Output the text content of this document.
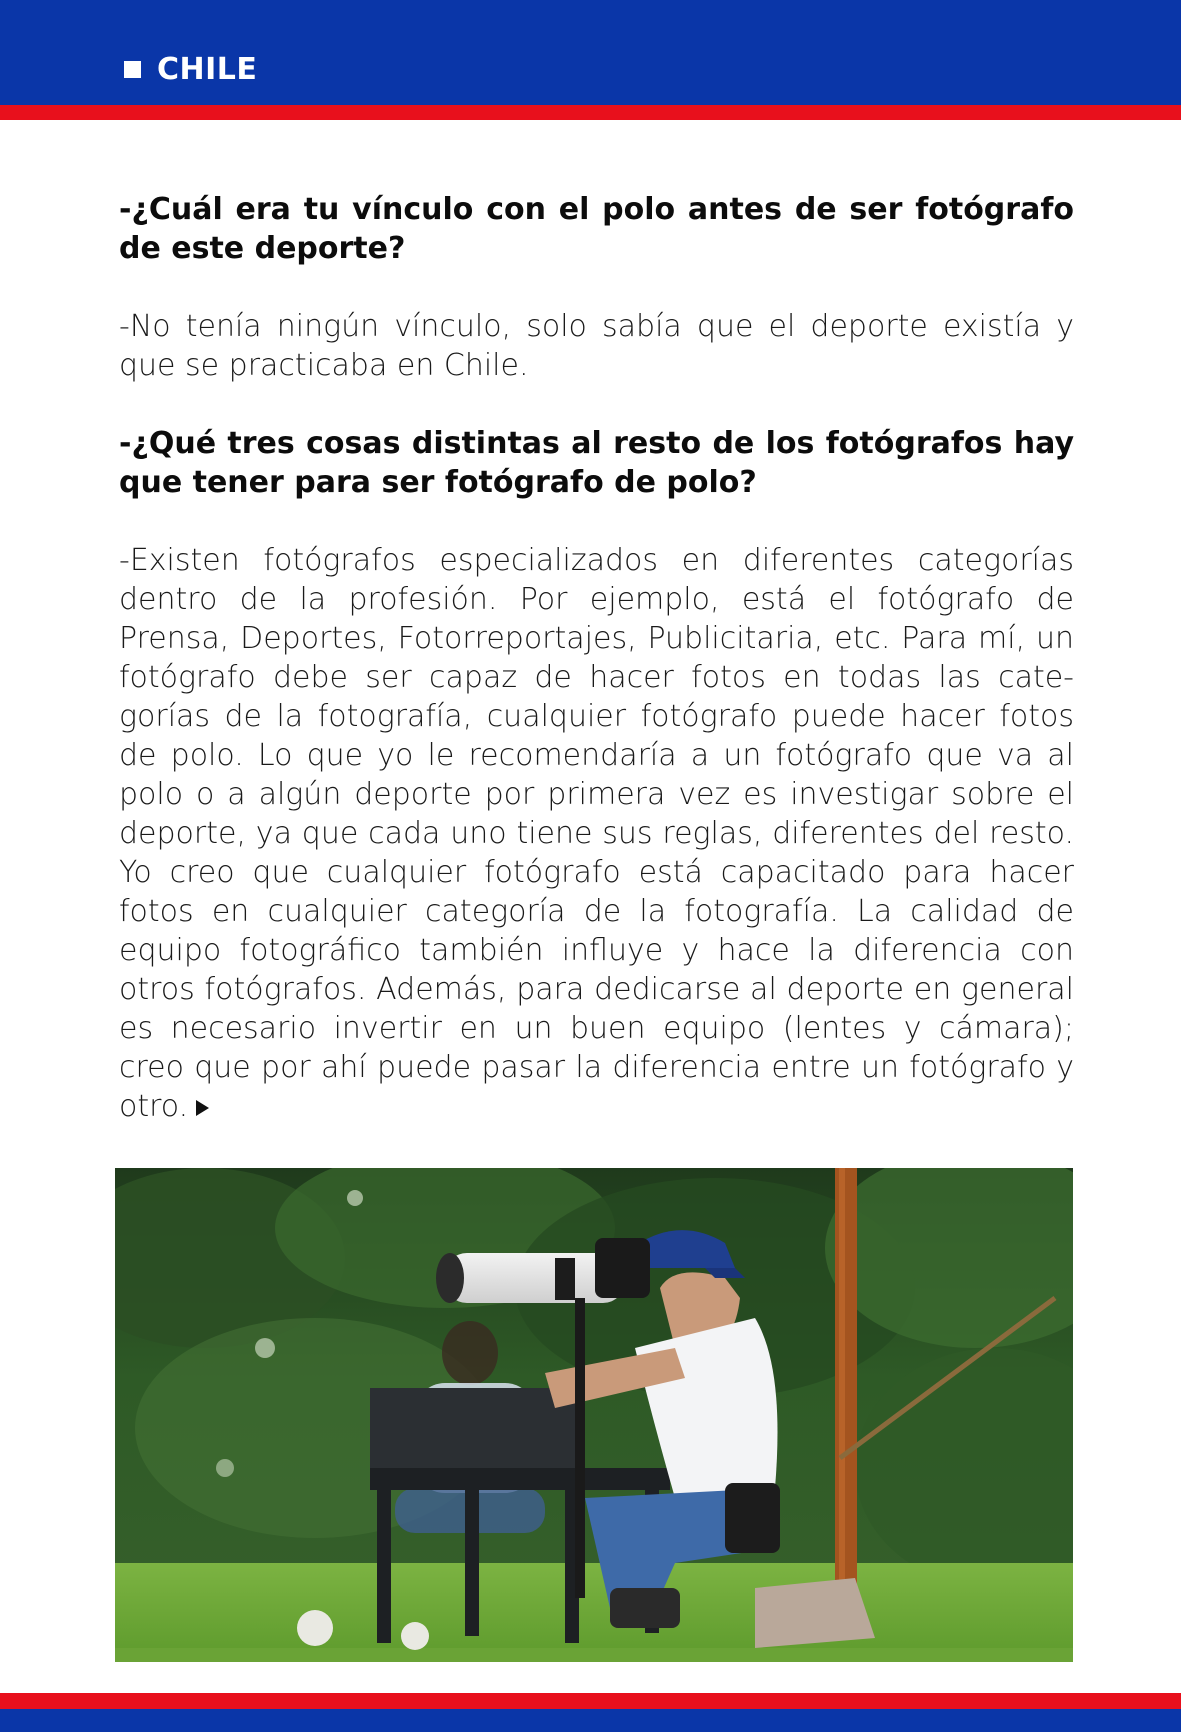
CHILE

-¿Cuál era tu vínculo con el polo antes de ser fotógrafo de este deporte?

-No tenía ningún vínculo, solo sabía que el deporte existía y que se practicaba en Chile.

-¿Qué tres cosas distintas al resto de los fotógrafos hay que tener para ser fotógrafo de polo?

-Existen fotógrafos especializados en diferentes categorías dentro de la profesión. Por ejemplo, está el fotógrafo de Prensa, Deportes, Fotorreportajes, Publicitaria, etc. Para mí, un fotógrafo debe ser capaz de hacer fotos en todas las cate-gorías de la fotografía, cualquier fotógrafo puede hacer fotos de polo. Lo que yo le recomendaría a un fotógrafo que va al polo o a algún deporte por primera vez es investigar sobre el deporte, ya que cada uno tiene sus reglas, diferentes del resto. Yo creo que cualquier fotógrafo está capacitado para hacer fotos en cualquier categoría de la fotografía. La calidad de equipo fotográfico también influye y hace la diferencia con otros fotógrafos. Además, para dedicarse al deporte en general es necesario invertir en un buen equipo (lentes y cámara); creo que por ahí puede pasar la diferencia entre un fotógrafo y otro.
